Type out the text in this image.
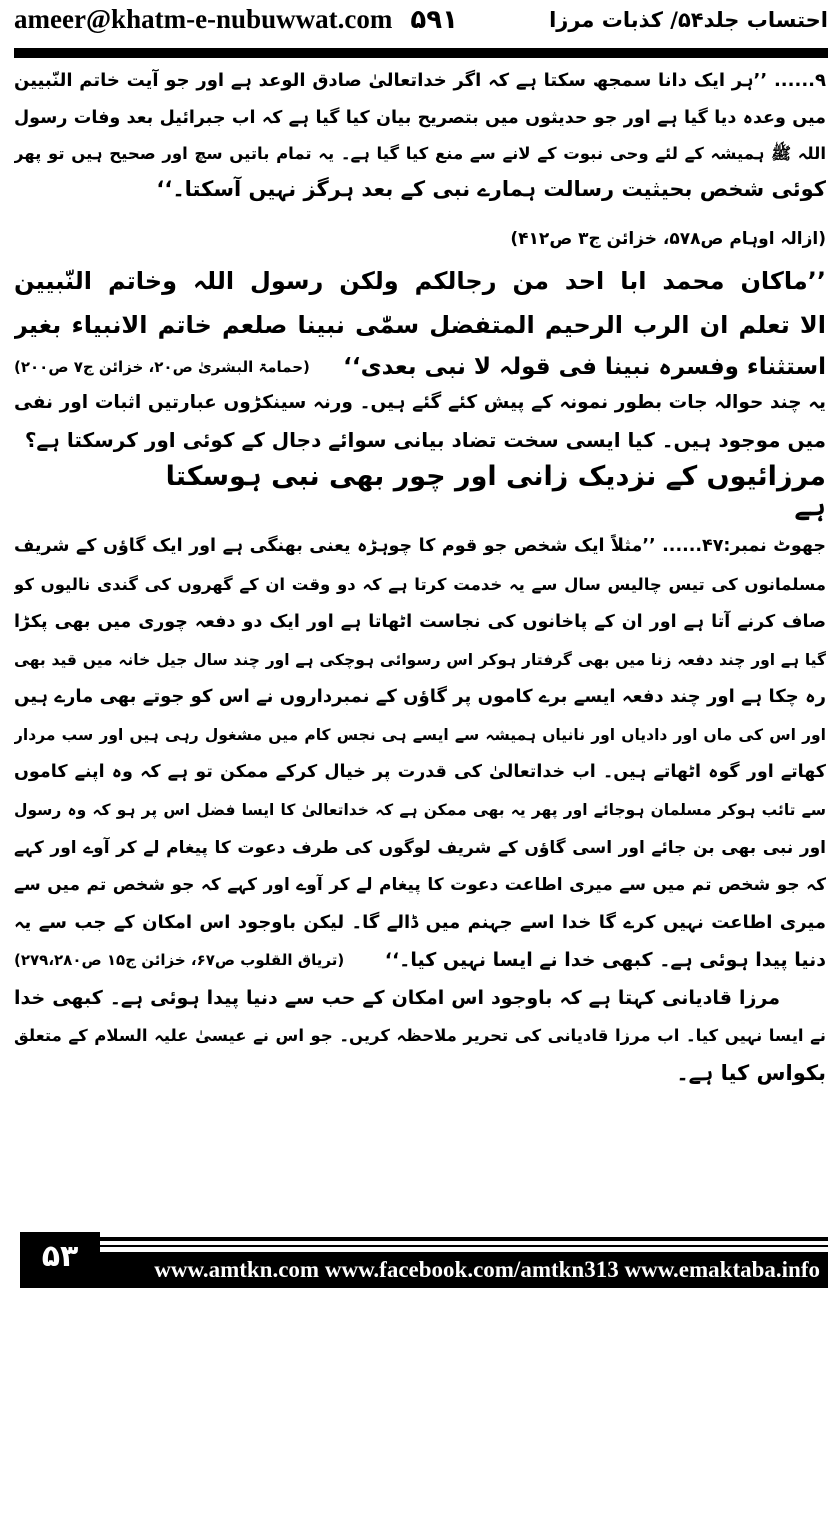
ameer@khatm-e-nubuwwat.com ۵۹۱	احتساب جلد۵۴/ کذبات مرزا
۹...... ’’ہر ایک دانا سمجھ سکتا ہے کہ اگر خداتعالیٰ صادق الوعد ہے اور جو آیت خاتم النّبیین
میں وعدہ دیا گیا ہے اور جو حدیثوں میں بتصریح بیان کیا گیا ہے کہ اب جبرائیل بعد وفات رسول
اللہ ﷺ ہمیشہ کے لئے وحی نبوت کے لانے سے منع کیا گیا ہے۔ یہ تمام باتیں سچ اور صحیح ہیں تو پھر
کوئی شخص بحیثیت رسالت ہمارے نبی کے بعد ہرگز نہیں آسکتا۔‘‘
(ازالہ اوہام ص۵۷۸، خزائن ج۳ ص۴۱۲)
’’ماکان محمد ابا احد من رجالکم ولکن رسول اللہ وخاتم النّبیین
الا تعلم ان الرب الرحیم المتفضل سمّٰی نبینا صلعم خاتم الانبیاء بغیر
استثناء وفسرہ نبینا فی قولہ لا نبی بعدی‘‘
(حمامۃ البشریٰ ص۲۰، خزائن ج۷ ص۲۰۰)
یہ چند حوالہ جات بطور نمونہ کے پیش کئے گئے ہیں۔ ورنہ سینکڑوں عبارتیں اثبات اور نفی
میں موجود ہیں۔ کیا ایسی سخت تضاد بیانی سوائے دجال کے کوئی اور کرسکتا ہے؟
مرزائیوں کے نزدیک زانی اور چور بھی نبی ہوسکتا
ہے
جھوٹ نمبر:۴۷...... ’’مثلاً ایک شخص جو قوم کا چوہڑہ یعنی بھنگی ہے اور ایک گاؤں کے شریف
مسلمانوں کی تیس چالیس سال سے یہ خدمت کرتا ہے کہ دو وقت ان کے گھروں کی گندی نالیوں کو
صاف کرنے آتا ہے اور ان کے پاخانوں کی نجاست اٹھاتا ہے اور ایک دو دفعہ چوری میں بھی پکڑا
گیا ہے اور چند دفعہ زنا میں بھی گرفتار ہوکر اس رسوائی ہوچکی ہے اور چند سال جیل خانہ میں قید بھی
رہ چکا ہے اور چند دفعہ ایسے برے کاموں پر گاؤں کے نمبرداروں نے اس کو جوتے بھی مارے ہیں
اور اس کی ماں اور دادیاں اور نانیاں ہمیشہ سے ایسے ہی نجس کام میں مشغول رہی ہیں اور سب مردار
کھاتے اور گوہ اٹھاتے ہیں۔ اب خداتعالیٰ کی قدرت پر خیال کرکے ممکن تو ہے کہ وہ اپنے کاموں
سے تائب ہوکر مسلمان ہوجائے اور پھر یہ بھی ممکن ہے کہ خداتعالیٰ کا ایسا فضل اس پر ہو کہ وہ رسول
اور نبی بھی بن جائے اور اسی گاؤں کے شریف لوگوں کی طرف دعوت کا پیغام لے کر آوے اور کہے
کہ جو شخص تم میں سے میری اطاعت دعوت کا پیغام لے کر آوے اور کہے کہ جو شخص تم میں سے
میری اطاعت نہیں کرے گا خدا اسے جہنم میں ڈالے گا۔ لیکن باوجود اس امکان کے جب سے یہ
دنیا پیدا ہوئی ہے۔ کبھی خدا نے ایسا نہیں کیا۔‘‘
(تریاق القلوب ص۶۷، خزائن ج۱۵ ص۲۷۹،۲۸۰)
مرزا قادیانی کہتا ہے کہ باوجود اس امکان کے حب سے دنیا پیدا ہوئی ہے۔ کبھی خدا
نے ایسا نہیں کیا۔ اب مرزا قادیانی کی تحریر ملاحظہ کریں۔ جو اس نے عیسیٰ علیہ السلام کے متعلق
بکواس کیا ہے۔
۵۳	www.amtkn.com www.facebook.com/amtkn313 www.emaktaba.info
